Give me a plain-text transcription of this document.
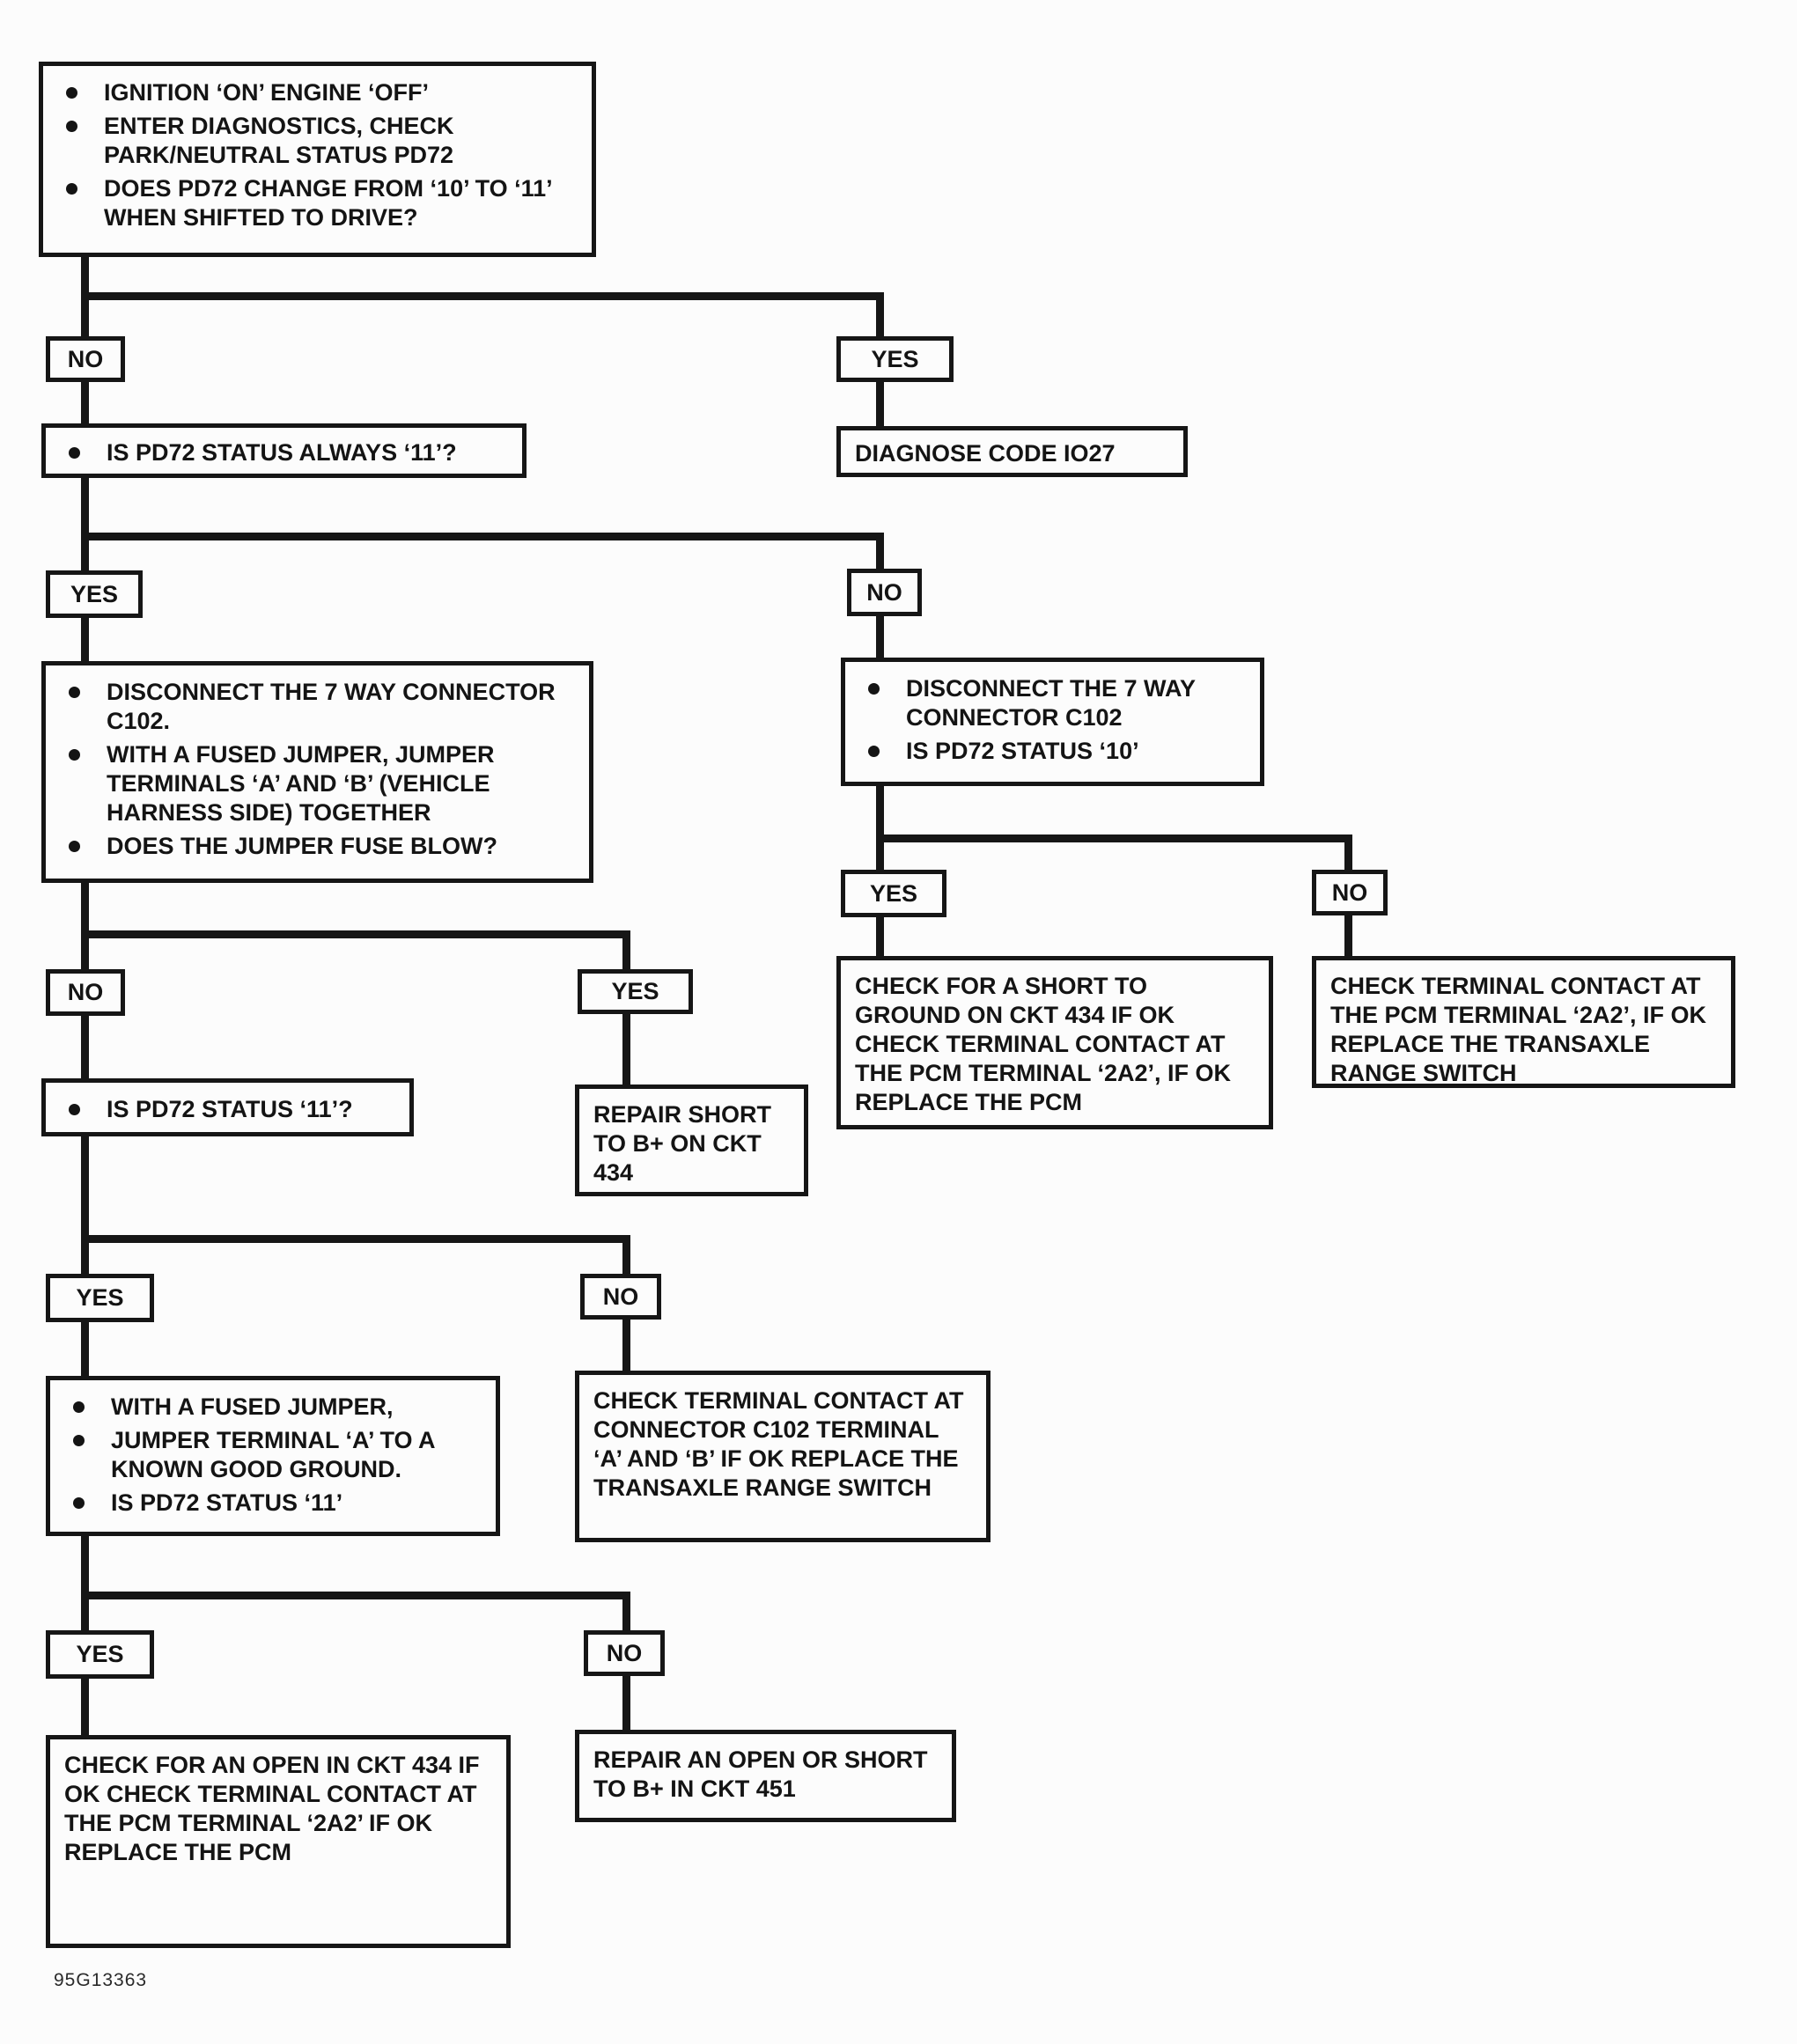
IGNITION ‘ON’ ENGINE ‘OFF’
ENTER DIAGNOSTICS, CHECK PARK/NEUTRAL STATUS PD72
DOES PD72 CHANGE FROM ‘10’ TO ‘11’ WHEN SHIFTED TO DRIVE?
NO	YES
IS PD72 STATUS ALWAYS ‘11’?	DIAGNOSE CODE IO27
YES	NO
DISCONNECT THE 7 WAY CONNECTOR C102.
WITH A FUSED JUMPER, JUMPER TERMINALS ‘A’ AND ‘B’ (VEHICLE HARNESS SIDE) TOGETHER
DOES THE JUMPER FUSE BLOW?
DISCONNECT THE 7 WAY CONNECTOR C102
IS PD72 STATUS ‘10’
YES	NO
CHECK FOR A SHORT TO GROUND ON CKT 434 IF OK CHECK TERMINAL CONTACT AT THE PCM TERMINAL ‘2A2’, IF OK REPLACE THE PCM
CHECK TERMINAL CONTACT AT THE PCM TERMINAL ‘2A2’, IF OK REPLACE THE TRANSAXLE RANGE SWITCH
NO	YES
IS PD72 STATUS ‘11’?	REPAIR SHORT TO B+ ON CKT 434
YES	NO
WITH A FUSED JUMPER,
JUMPER TERMINAL ‘A’ TO A KNOWN GOOD GROUND.
IS PD72 STATUS ‘11’
CHECK TERMINAL CONTACT AT CONNECTOR C102 TERMINAL ‘A’ AND ‘B’ IF OK REPLACE THE TRANSAXLE RANGE SWITCH
YES	NO
CHECK FOR AN OPEN IN CKT 434 IF OK CHECK TERMINAL CONTACT AT THE PCM TERMINAL ‘2A2’ IF OK REPLACE THE PCM
REPAIR AN OPEN OR SHORT TO B+ IN CKT 451
95G13363
